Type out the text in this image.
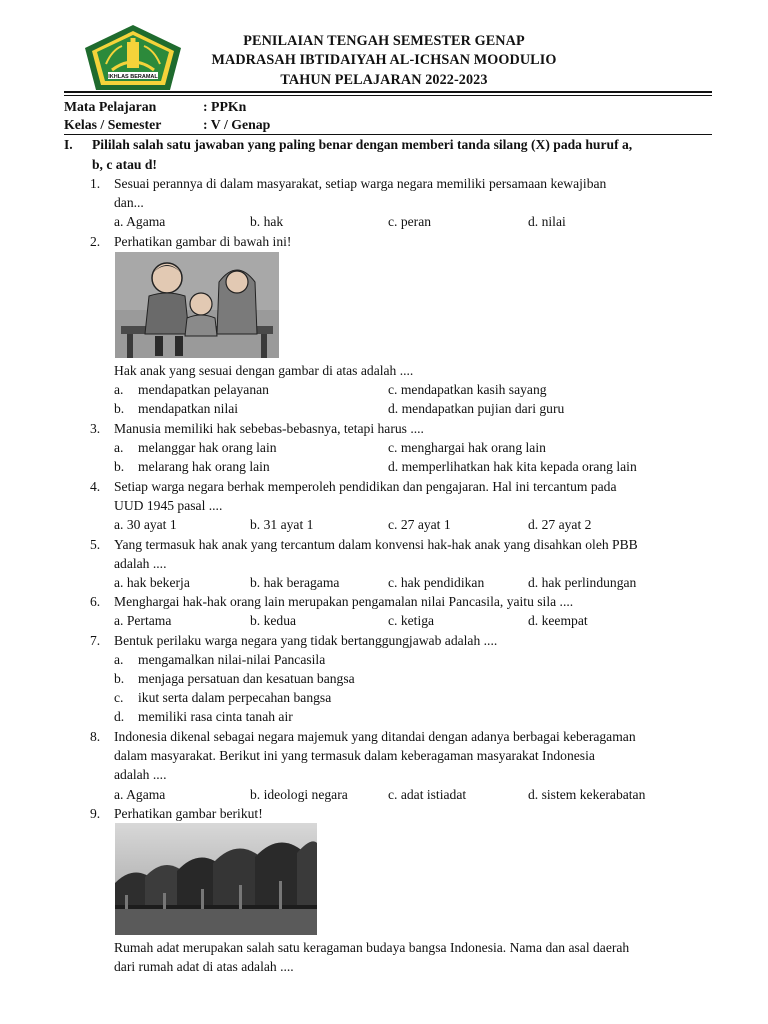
IKHLAS BERAMAL
PENILAIAN TENGAH SEMESTER GENAP
MADRASAH IBTIDAIYAH AL-ICHSAN MOODULIO
TAHUN PELAJARAN 2022-2023
Mata Pelajaran	: PPKn
Kelas / Semester	: V / Genap
I. Pililah salah satu jawaban yang paling benar dengan memberi tanda silang (X) pada huruf a,
b, c atau d!
1. Sesuai perannya di dalam masyarakat, setiap warga negara memiliki persamaan kewajiban
dan...
a. Agama	b. hak	c. peran	d. nilai
2. Perhatikan gambar di bawah ini!
Hak anak yang sesuai dengan gambar di atas adalah ....
a. mendapatkan pelayanan	c. mendapatkan kasih sayang
b. mendapatkan nilai	d. mendapatkan pujian dari guru
3. Manusia memiliki hak sebebas-bebasnya, tetapi harus ....
a. melanggar hak orang lain	c. menghargai hak orang lain
b. melarang hak orang lain	d. memperlihatkan hak kita kepada orang lain
4. Setiap warga negara berhak memperoleh pendidikan dan pengajaran. Hal ini tercantum pada
UUD 1945 pasal ....
a. 30 ayat 1	b. 31 ayat 1	c. 27 ayat 1	d. 27 ayat 2
5. Yang termasuk hak anak yang tercantum dalam konvensi hak-hak anak yang disahkan oleh PBB
adalah ....
a. hak bekerja	b. hak beragama	c. hak pendidikan	d. hak perlindungan
6. Menghargai hak-hak orang lain merupakan pengamalan nilai Pancasila, yaitu sila ....
a. Pertama	b. kedua	c. ketiga	d. keempat
7. Bentuk perilaku warga negara yang tidak bertanggungjawab adalah ....
a. mengamalkan nilai-nilai Pancasila
b. menjaga persatuan dan kesatuan bangsa
c. ikut serta dalam perpecahan bangsa
d. memiliki rasa cinta tanah air
8. Indonesia dikenal sebagai negara majemuk yang ditandai dengan adanya berbagai keberagaman
dalam masyarakat. Berikut ini yang termasuk dalam keberagaman masyarakat Indonesia
adalah ....
a. Agama	b. ideologi negara	c. adat istiadat	d. sistem kekerabatan
9. Perhatikan gambar berikut!
Rumah adat merupakan salah satu keragaman budaya bangsa Indonesia. Nama dan asal daerah
dari rumah adat di atas adalah ....
